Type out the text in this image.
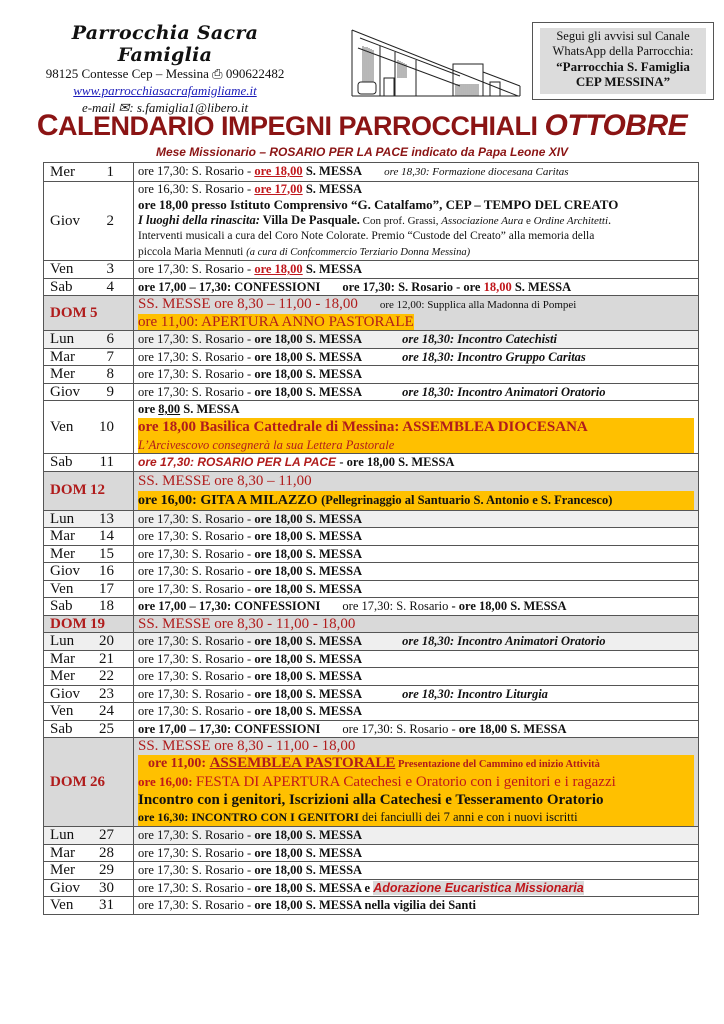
Parrocchia Sacra Famiglia
98125 Contesse Cep – Messina ⎙ 090622482
www.parrocchiasacrafamigliame.it
e-mail ✉: s.famiglia1@libero.it
Segui gli avvisi sul Canale
WhatsApp della Parrocchia:
“Parrocchia S. Famiglia
CEP MESSINA”
CALENDARIO IMPEGNI PARROCCHIALI OTTOBRE
Mese Missionario – ROSARIO PER LA PACE indicato da Papa Leone XIV
Mer 1	ore 17,30: S. Rosario - ore 18,00 S. MESSA ore 18,30: Formazione diocesana Caritas
Giov 2	ore 16,30: S. Rosario - ore 17,00 S. MESSA
ore 18,00 presso Istituto Comprensivo “G. Catalfamo”, CEP – TEMPO DEL CREATO
I luoghi della rinascita: Villa De Pasquale. Con prof. Grassi, Associazione Aura e Ordine Architetti.
Interventi musicali a cura del Coro Note Colorate. Premio “Custode del Creato” alla memoria della
piccola Maria Mennuti (a cura di Confcommercio Terziario Donna Messina)

Ven 3	ore 17,30: S. Rosario - ore 18,00 S. MESSA
Sab 4	ore 17,00 – 17,30: CONFESSIONI ore 17,30: S. Rosario - ore 18,00 S. MESSA
DOM 5	SS. MESSE ore 8,30 – 11,00 - 18,00 ore 12,00: Supplica alla Madonna di Pompei
ore 11,00: APERTURA ANNO PASTORALE

Lun 6	ore 17,30: S. Rosario - ore 18,00 S. MESSA ore 18,30: Incontro Catechisti
Mar 7	ore 17,30: S. Rosario - ore 18,00 S. MESSA ore 18,30: Incontro Gruppo Caritas
Mer 8	ore 17,30: S. Rosario - ore 18,00 S. MESSA
Giov 9	ore 17,30: S. Rosario - ore 18,00 S. MESSA ore 18,30: Incontro Animatori Oratorio
Ven 10	ore 8,00 S. MESSA
ore 18,00 Basilica Cattedrale di Messina: ASSEMBLEA DIOCESANA
L’Arcivescovo consegnerà la sua Lettera Pastorale

Sab 11	ore 17,30: ROSARIO PER LA PACE - ore 18,00 S. MESSA
DOM 12	SS. MESSE ore 8,30 – 11,00
ore 16,00: GITA A MILAZZO (Pellegrinaggio al Santuario S. Antonio e S. Francesco)

Lun 13	ore 17,30: S. Rosario - ore 18,00 S. MESSA
Mar 14	ore 17,30: S. Rosario - ore 18,00 S. MESSA
Mer 15	ore 17,30: S. Rosario - ore 18,00 S. MESSA
Giov 16	ore 17,30: S. Rosario - ore 18,00 S. MESSA
Ven 17	ore 17,30: S. Rosario - ore 18,00 S. MESSA
Sab 18	ore 17,00 – 17,30: CONFESSIONI ore 17,30: S. Rosario - ore 18,00 S. MESSA
DOM 19	SS. MESSE ore 8,30 - 11,00 - 18,00
Lun 20	ore 17,30: S. Rosario - ore 18,00 S. MESSA ore 18,30: Incontro Animatori Oratorio
Mar 21	ore 17,30: S. Rosario - ore 18,00 S. MESSA
Mer 22	ore 17,30: S. Rosario - ore 18,00 S. MESSA
Giov 23	ore 17,30: S. Rosario - ore 18,00 S. MESSA ore 18,30: Incontro Liturgia
Ven 24	ore 17,30: S. Rosario - ore 18,00 S. MESSA
Sab 25	ore 17,00 – 17,30: CONFESSIONI ore 17,30: S. Rosario - ore 18,00 S. MESSA
DOM 26	SS. MESSE ore 8,30 - 11,00 - 18,00
ore 11,00: ASSEMBLEA PASTORALE Presentazione del Cammino ed inizio Attività
ore 16,00: FESTA DI APERTURA Catechesi e Oratorio con i genitori e i ragazzi
Incontro con i genitori, Iscrizioni alla Catechesi e Tesseramento Oratorio
ore 16,30: INCONTRO CON I GENITORI dei fanciulli dei 7 anni e con i nuovi iscritti

Lun 27	ore 17,30: S. Rosario - ore 18,00 S. MESSA
Mar 28	ore 17,30: S. Rosario - ore 18,00 S. MESSA
Mer 29	ore 17,30: S. Rosario - ore 18,00 S. MESSA
Giov 30	ore 17,30: S. Rosario - ore 18,00 S. MESSA e Adorazione Eucaristica Missionaria
Ven 31	ore 17,30: S. Rosario - ore 18,00 S. MESSA nella vigilia dei Santi
